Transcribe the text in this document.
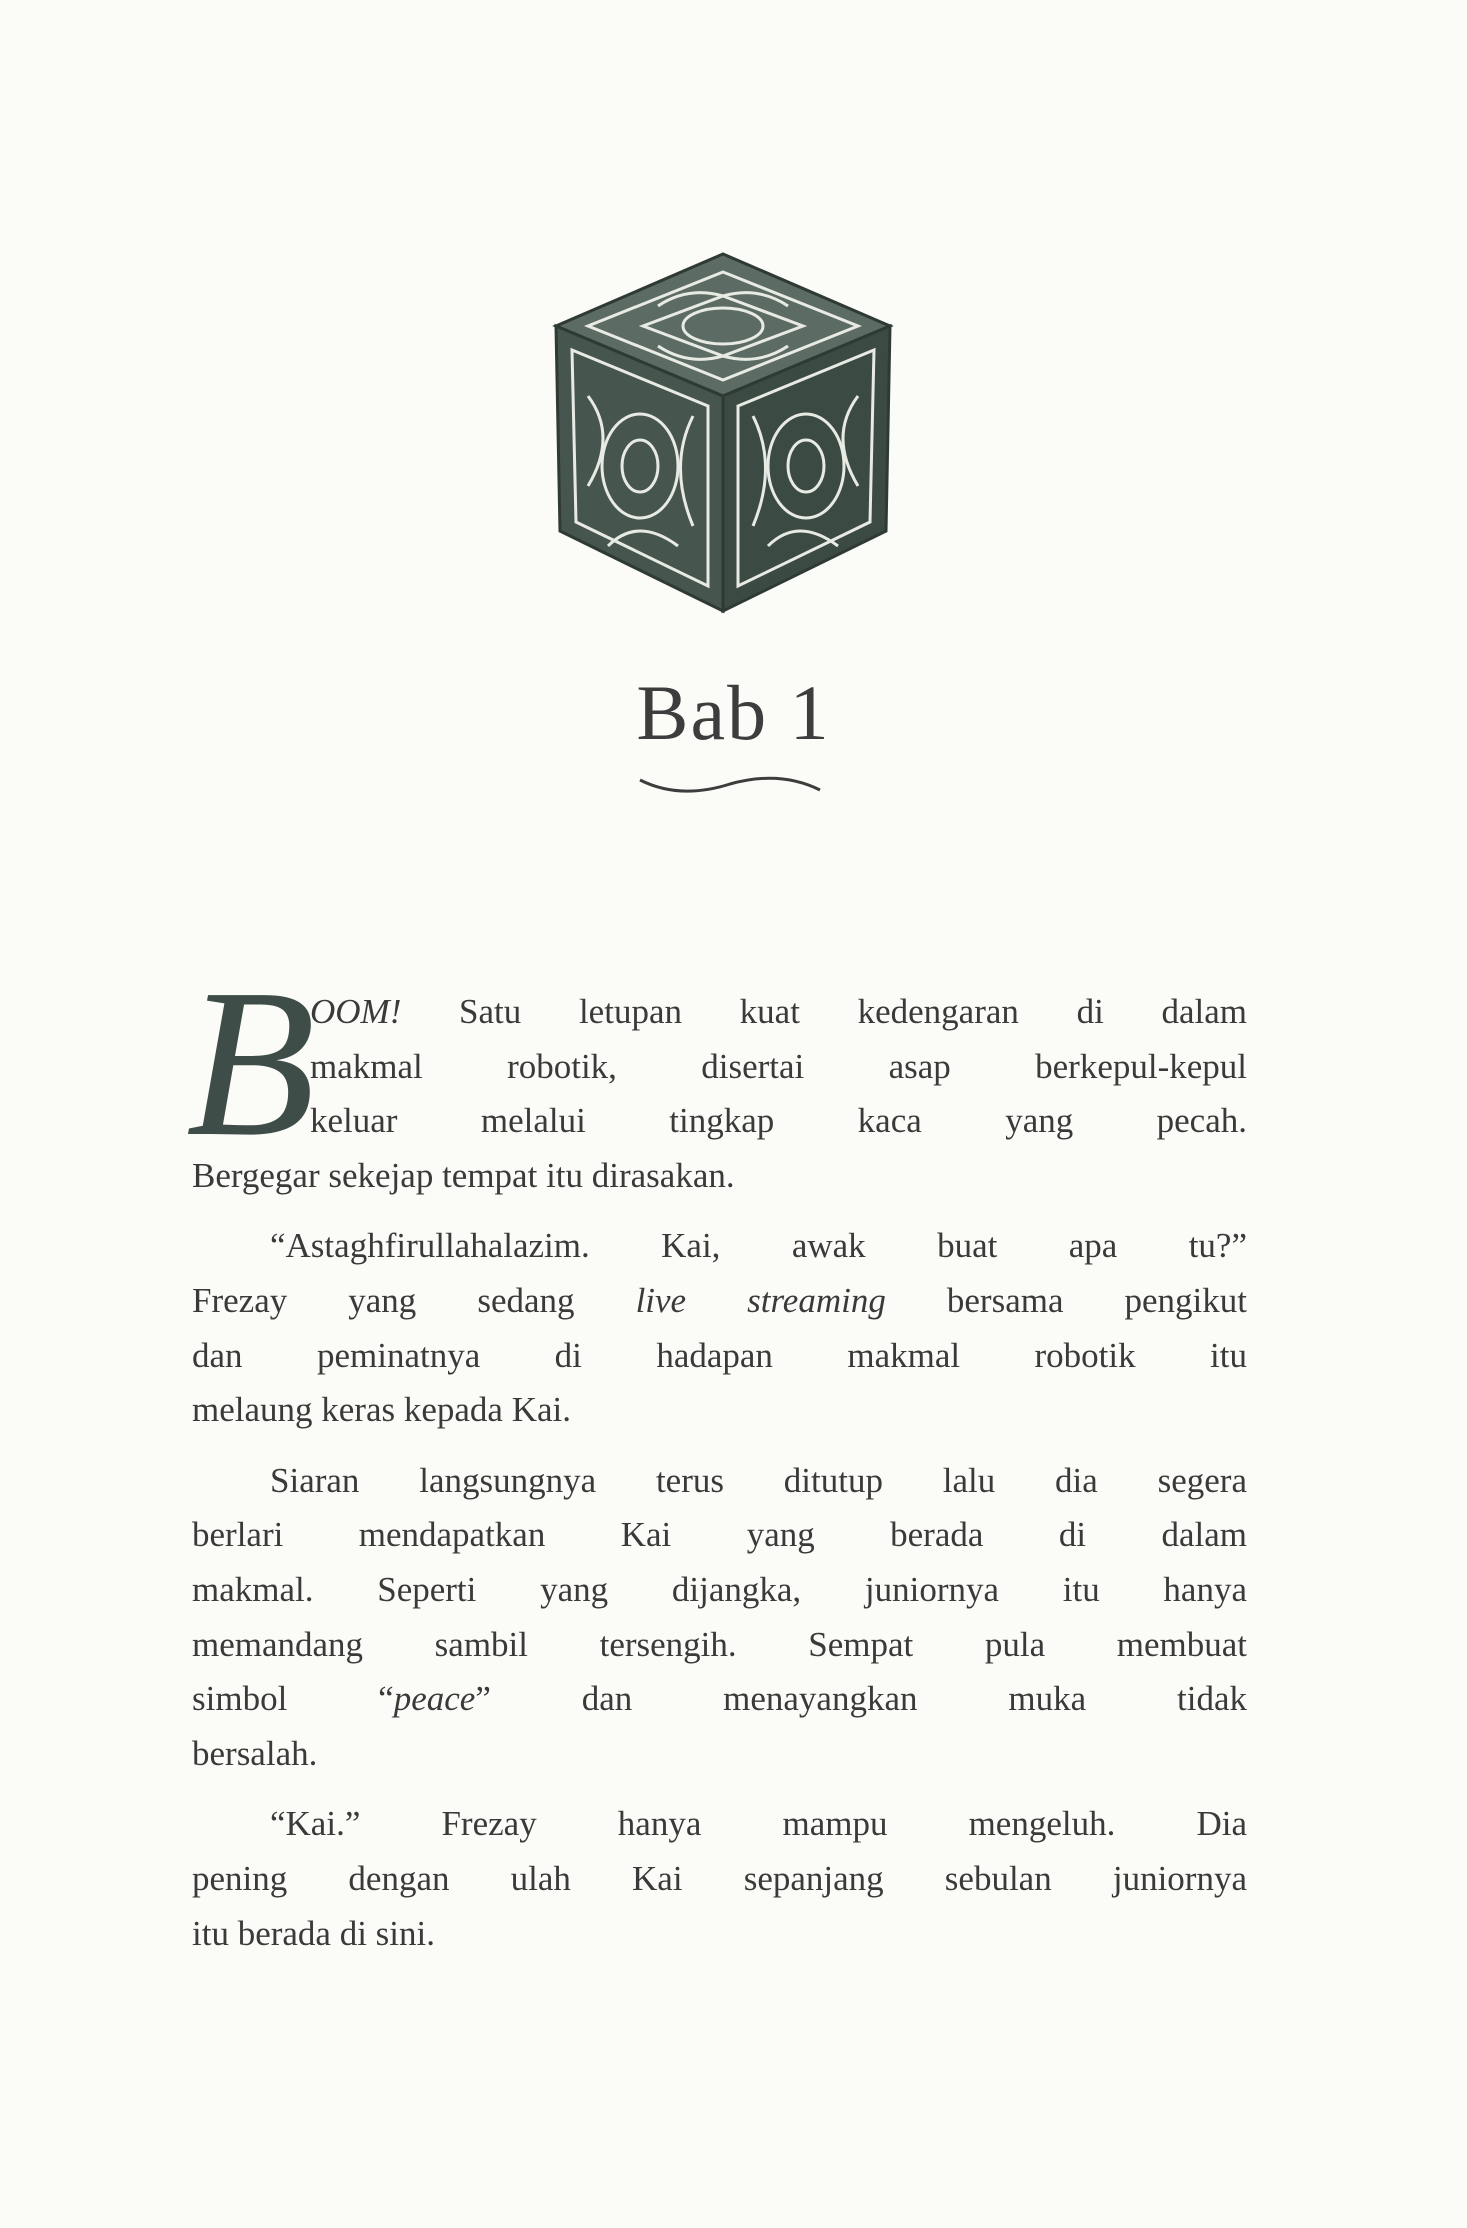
Bab 1
B
OOM! Satu letupan kuat kedengaran di dalam
makmal robotik, disertai asap berkepul-kepul
keluar melalui tingkap kaca yang pecah.
Bergegar sekejap tempat itu dirasakan.
“Astaghfirullahalazim. Kai, awak buat apa tu?”
Frezay yang sedang live streaming bersama pengikut
dan peminatnya di hadapan makmal robotik itu
melaung keras kepada Kai.
Siaran langsungnya terus ditutup lalu dia segera
berlari mendapatkan Kai yang berada di dalam
makmal. Seperti yang dijangka, juniornya itu hanya
memandang sambil tersengih. Sempat pula membuat
simbol “peace” dan menayangkan muka tidak
bersalah.
“Kai.” Frezay hanya mampu mengeluh. Dia
pening dengan ulah Kai sepanjang sebulan juniornya
itu berada di sini.
